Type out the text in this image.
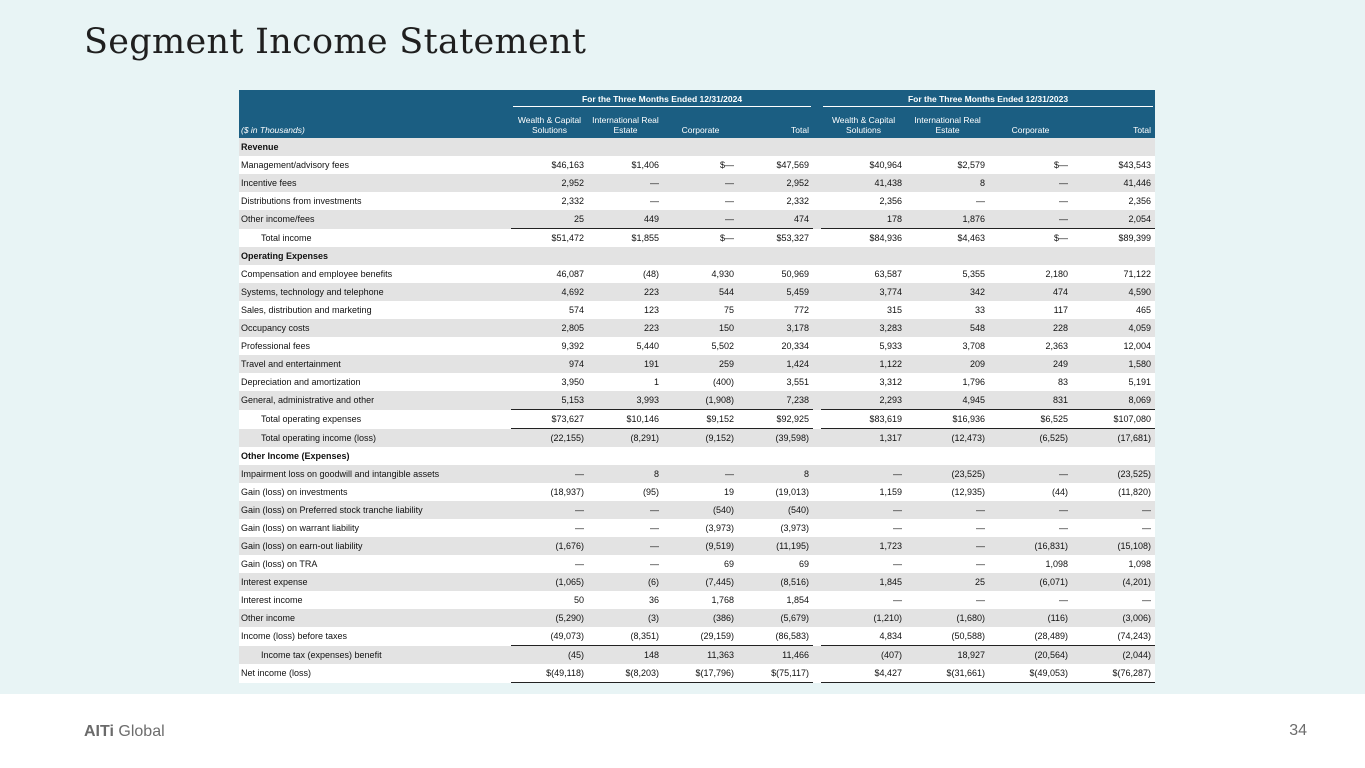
Segment Income Statement

	For the Three Months Ended 12/31/2024					For the Three Months Ended 12/31/2023			

($ in Thousands)	Wealth & Capital Solutions	International Real Estate	Corporate	Total		Wealth & Capital Solutions	International Real Estate	Corporate	Total
Revenue									
Management/advisory fees	$46,163	$1,406	$—	$47,569		$40,964	$2,579	$—	$43,543
Incentive fees	2,952	—	—	2,952		41,438	8	—	41,446
Distributions from investments	2,332	—	—	2,332		2,356	—	—	2,356
Other income/fees	25	449	—	474		178	1,876	—	2,054
Total income	$51,472	$1,855	$—	$53,327		$84,936	$4,463	$—	$89,399
Operating Expenses									
Compensation and employee benefits	46,087	(48)	4,930	50,969		63,587	5,355	2,180	71,122
Systems, technology and telephone	4,692	223	544	5,459		3,774	342	474	4,590
Sales, distribution and marketing	574	123	75	772		315	33	117	465
Occupancy costs	2,805	223	150	3,178		3,283	548	228	4,059
Professional fees	9,392	5,440	5,502	20,334		5,933	3,708	2,363	12,004
Travel and entertainment	974	191	259	1,424		1,122	209	249	1,580
Depreciation and amortization	3,950	1	(400)	3,551		3,312	1,796	83	5,191
General, administrative and other	5,153	3,993	(1,908)	7,238		2,293	4,945	831	8,069
Total operating expenses	$73,627	$10,146	$9,152	$92,925		$83,619	$16,936	$6,525	$107,080
Total operating income (loss)	(22,155)	(8,291)	(9,152)	(39,598)		1,317	(12,473)	(6,525)	(17,681)
Other Income (Expenses)									
Impairment loss on goodwill and intangible assets	—	8	—	8		—	(23,525)	—	(23,525)
Gain (loss) on investments	(18,937)	(95)	19	(19,013)		1,159	(12,935)	(44)	(11,820)
Gain (loss) on Preferred stock tranche liability	—	—	(540)	(540)		—	—	—	—
Gain (loss) on warrant liability	—	—	(3,973)	(3,973)		—	—	—	—
Gain (loss) on earn-out liability	(1,676)	—	(9,519)	(11,195)		1,723	—	(16,831)	(15,108)
Gain (loss) on TRA	—	—	69	69		—	—	1,098	1,098
Interest expense	(1,065)	(6)	(7,445)	(8,516)		1,845	25	(6,071)	(4,201)
Interest income	50	36	1,768	1,854		—	—	—	—
Other income	(5,290)	(3)	(386)	(5,679)		(1,210)	(1,680)	(116)	(3,006)
Income (loss) before taxes	(49,073)	(8,351)	(29,159)	(86,583)		4,834	(50,588)	(28,489)	(74,243)
Income tax (expenses) benefit	(45)	148	11,363	11,466		(407)	18,927	(20,564)	(2,044)
Net income (loss)	$(49,118)	$(8,203)	$(17,796)	$(75,117)		$4,427	$(31,661)	$(49,053)	$(76,287)
AITi Global	34
